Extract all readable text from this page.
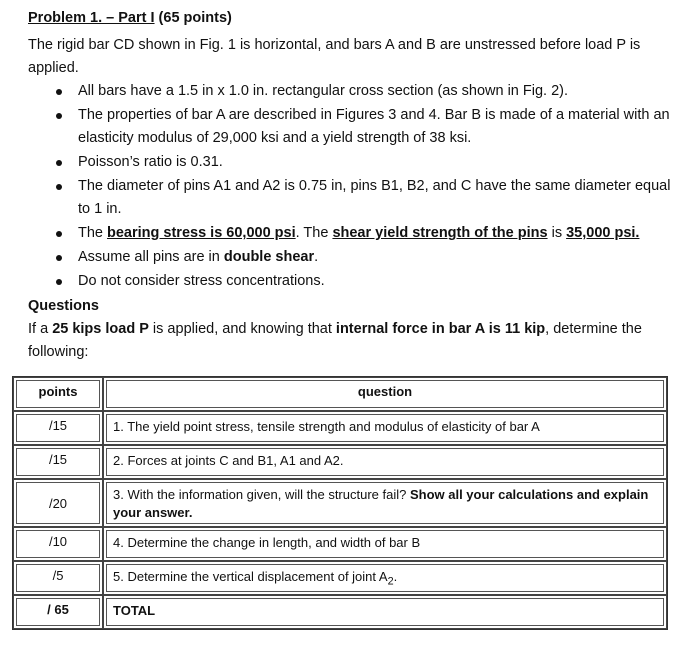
Problem 1. – Part I (65 points)
The rigid bar CD shown in Fig. 1 is horizontal, and bars A and B are unstressed before load P is applied.
All bars have a 1.5 in x 1.0 in. rectangular cross section (as shown in Fig. 2).
The properties of bar A are described in Figures 3 and 4. Bar B is made of a material with an elasticity modulus of 29,000 ksi and a yield strength of 38 ksi.
Poisson’s ratio is 0.31.
The diameter of pins A1 and A2 is 0.75 in, pins B1, B2, and C have the same diameter equal to 1 in.
The bearing stress is 60,000 psi. The shear yield strength of the pins is 35,000 psi.
Assume all pins are in double shear.
Do not consider stress concentrations.
Questions
If a 25 kips load P is applied, and knowing that internal force in bar A is 11 kip, determine the following:
points	question

/15	1. The yield point stress, tensile strength and modulus of elasticity of bar A

/15	2. Forces at joints C and B1, A1 and A2.

/20	3. With the information given, will the structure fail? Show all your calculations and explain your answer.

/10	4. Determine the change in length, and width of bar B

/5	5. Determine the vertical displacement of joint $A_2$.

/ 65	TOTAL
